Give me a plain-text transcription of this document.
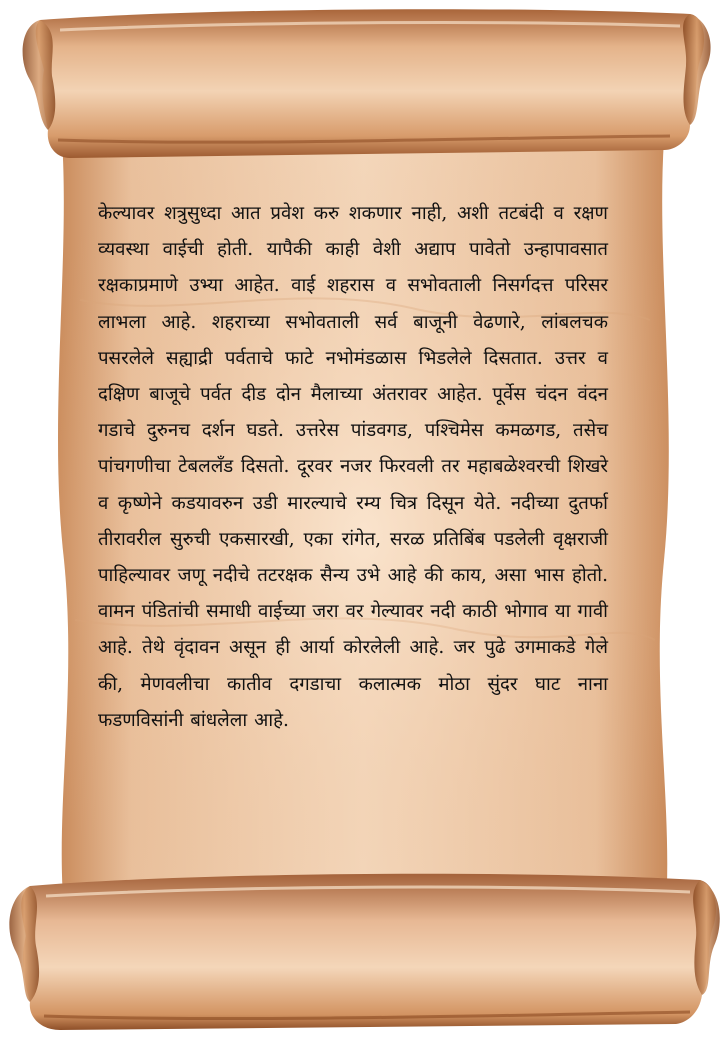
केल्यावर शत्रुसुध्दा आत प्रवेश करु शकणार नाही, अशी तटबंदी व रक्षण व्यवस्था वाईची होती. यापैकी काही वेशी अद्याप पावेतो उन्हापावसात रक्षकाप्रमाणे उभ्या आहेत. वाई शहरास व सभोवताली निसर्गदत्त परिसर लाभला आहे. शहराच्या सभोवताली सर्व बाजूनी वेढणारे, लांबलचक पसरलेले सह्याद्री पर्वताचे फाटे नभोमंडळास भिडलेले दिसतात. उत्तर व दक्षिण बाजूचे पर्वत दीड दोन मैलाच्या अंतरावर आहेत. पूर्वेस चंदन वंदन गडाचे दुरुनच दर्शन घडते. उत्तरेस पांडवगड, पश्चिमेस कमळगड, तसेच पांचगणीचा टेबललॅंड दिसतो. दूरवर नजर फिरवली तर महाबळेश्वरची शिखरे व कृष्णेने कडयावरुन उडी मारल्याचे रम्य चित्र दिसून येते. नदीच्या दुतर्फा तीरावरील सुरुची एकसारखी, एका रांगेत, सरळ प्रतिबिंब पडलेली वृक्षराजी पाहिल्यावर जणू नदीचे तटरक्षक सैन्य उभे आहे की काय, असा भास होतो. वामन पंडितांची समाधी वाईच्या जरा वर गेल्यावर नदी काठी भोगाव या गावी आहे. तेथे वृंदावन असून ही आर्या कोरलेली आहे. जर पुढे उगमाकडे गेले की, मेणवलीचा कातीव दगडाचा कलात्मक मोठा सुंदर घाट नाना फडणविसांनी बांधलेला आहे.
